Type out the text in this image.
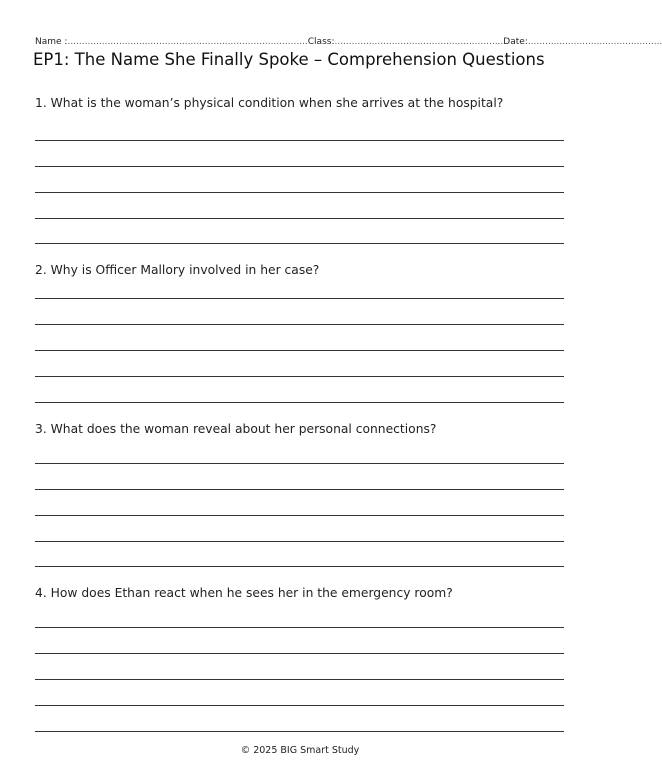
Name : .................................................................................... Class: ........................................................... Date: ...............................................
EP1: The Name She Finally Spoke – Comprehension Questions
1. What is the woman’s physical condition when she arrives at the hospital?
2. Why is Officer Mallory involved in her case?
3. What does the woman reveal about her personal connections?
4. How does Ethan react when he sees her in the emergency room?
© 2025 BIG Smart Study
